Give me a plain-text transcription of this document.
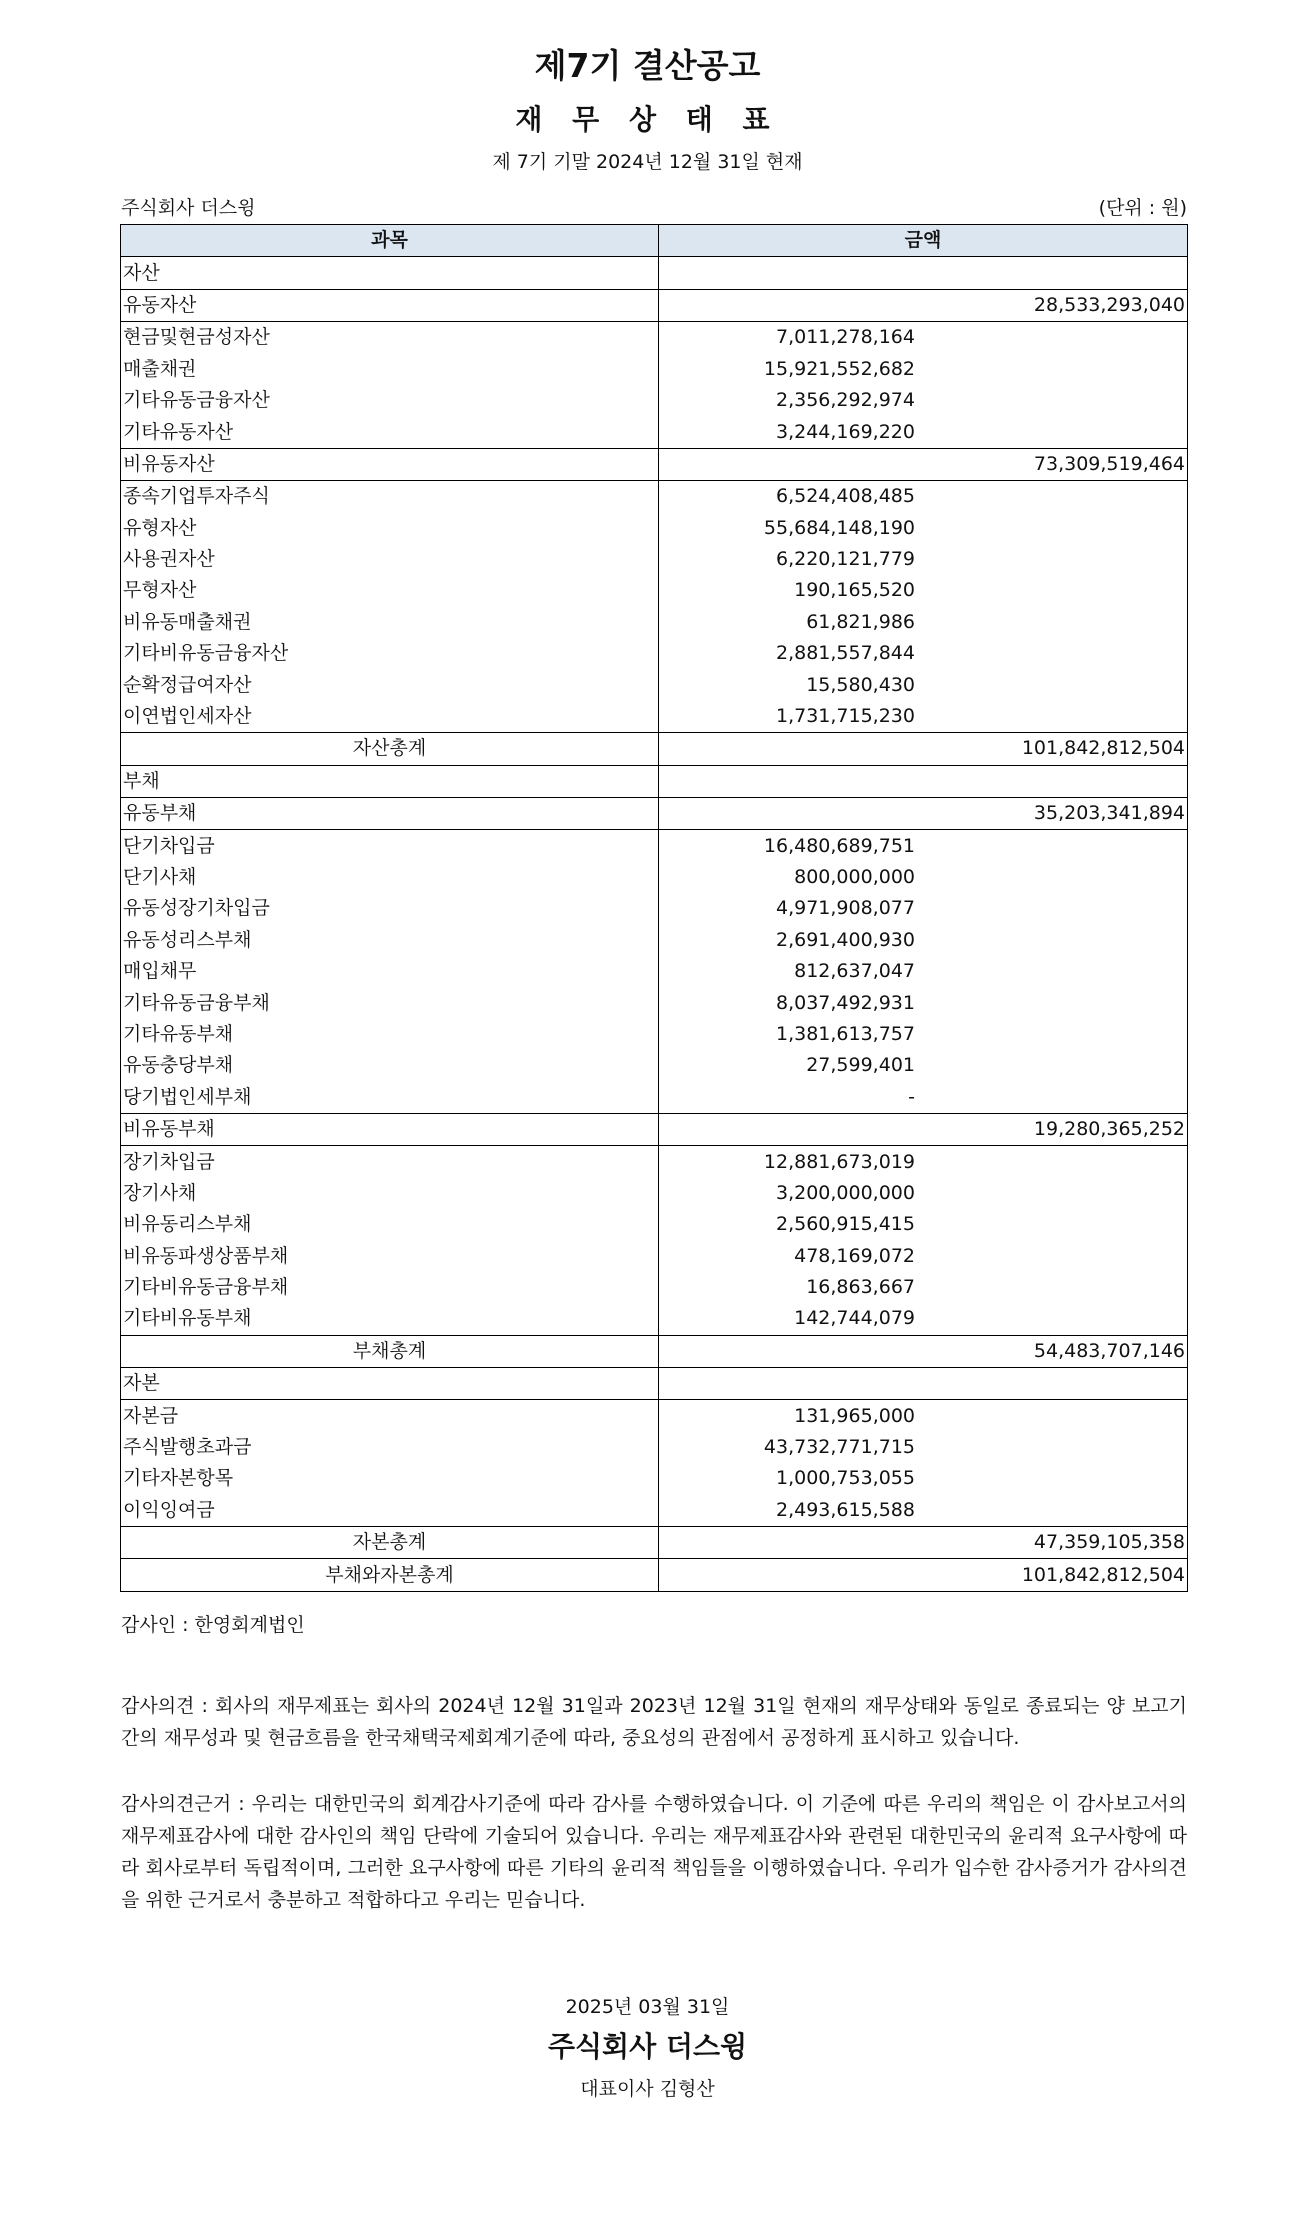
제7기 결산공고
재 무 상 태 표
제 7기 기말 2024년 12월 31일 현재
주식회사 더스윙	(단위 : 원)
과목	금액
자산	
유동자산	28,533,293,040
현금및현금성자산	7,011,278,164
매출채권	15,921,552,682
기타유동금융자산	2,356,292,974
기타유동자산	3,244,169,220
비유동자산	73,309,519,464
종속기업투자주식	6,524,408,485
유형자산	55,684,148,190
사용권자산	6,220,121,779
무형자산	190,165,520
비유동매출채권	61,821,986
기타비유동금융자산	2,881,557,844
순확정급여자산	15,580,430
이연법인세자산	1,731,715,230
자산총계	101,842,812,504
부채	
유동부채	35,203,341,894
단기차입금	16,480,689,751
단기사채	800,000,000
유동성장기차입금	4,971,908,077
유동성리스부채	2,691,400,930
매입채무	812,637,047
기타유동금융부채	8,037,492,931
기타유동부채	1,381,613,757
유동충당부채	27,599,401
당기법인세부채	-
비유동부채	19,280,365,252
장기차입금	12,881,673,019
장기사채	3,200,000,000
비유동리스부채	2,560,915,415
비유동파생상품부채	478,169,072
기타비유동금융부채	16,863,667
기타비유동부채	142,744,079
부채총계	54,483,707,146
자본	
자본금	131,965,000
주식발행초과금	43,732,771,715
기타자본항목	1,000,753,055
이익잉여금	2,493,615,588
자본총계	47,359,105,358
부채와자본총계	101,842,812,504
감사인 : 한영회계법인
감사의견 : 회사의 재무제표는 회사의 2024년 12월 31일과 2023년 12월 31일 현재의 재무상태와 동일로 종료되는 양 보고기간의 재무성과 및 현금흐름을 한국채택국제회계기준에 따라, 중요성의 관점에서 공정하게 표시하고 있습니다.
감사의견근거 : 우리는 대한민국의 회계감사기준에 따라 감사를 수행하였습니다. 이 기준에 따른 우리의 책임은 이 감사보고서의 재무제표감사에 대한 감사인의 책임 단락에 기술되어 있습니다. 우리는 재무제표감사와 관련된 대한민국의 윤리적 요구사항에 따라 회사로부터 독립적이며, 그러한 요구사항에 따른 기타의 윤리적 책임들을 이행하였습니다. 우리가 입수한 감사증거가 감사의견을 위한 근거로서 충분하고 적합하다고 우리는 믿습니다.
2025년 03월 31일
주식회사 더스윙
대표이사 김형산
